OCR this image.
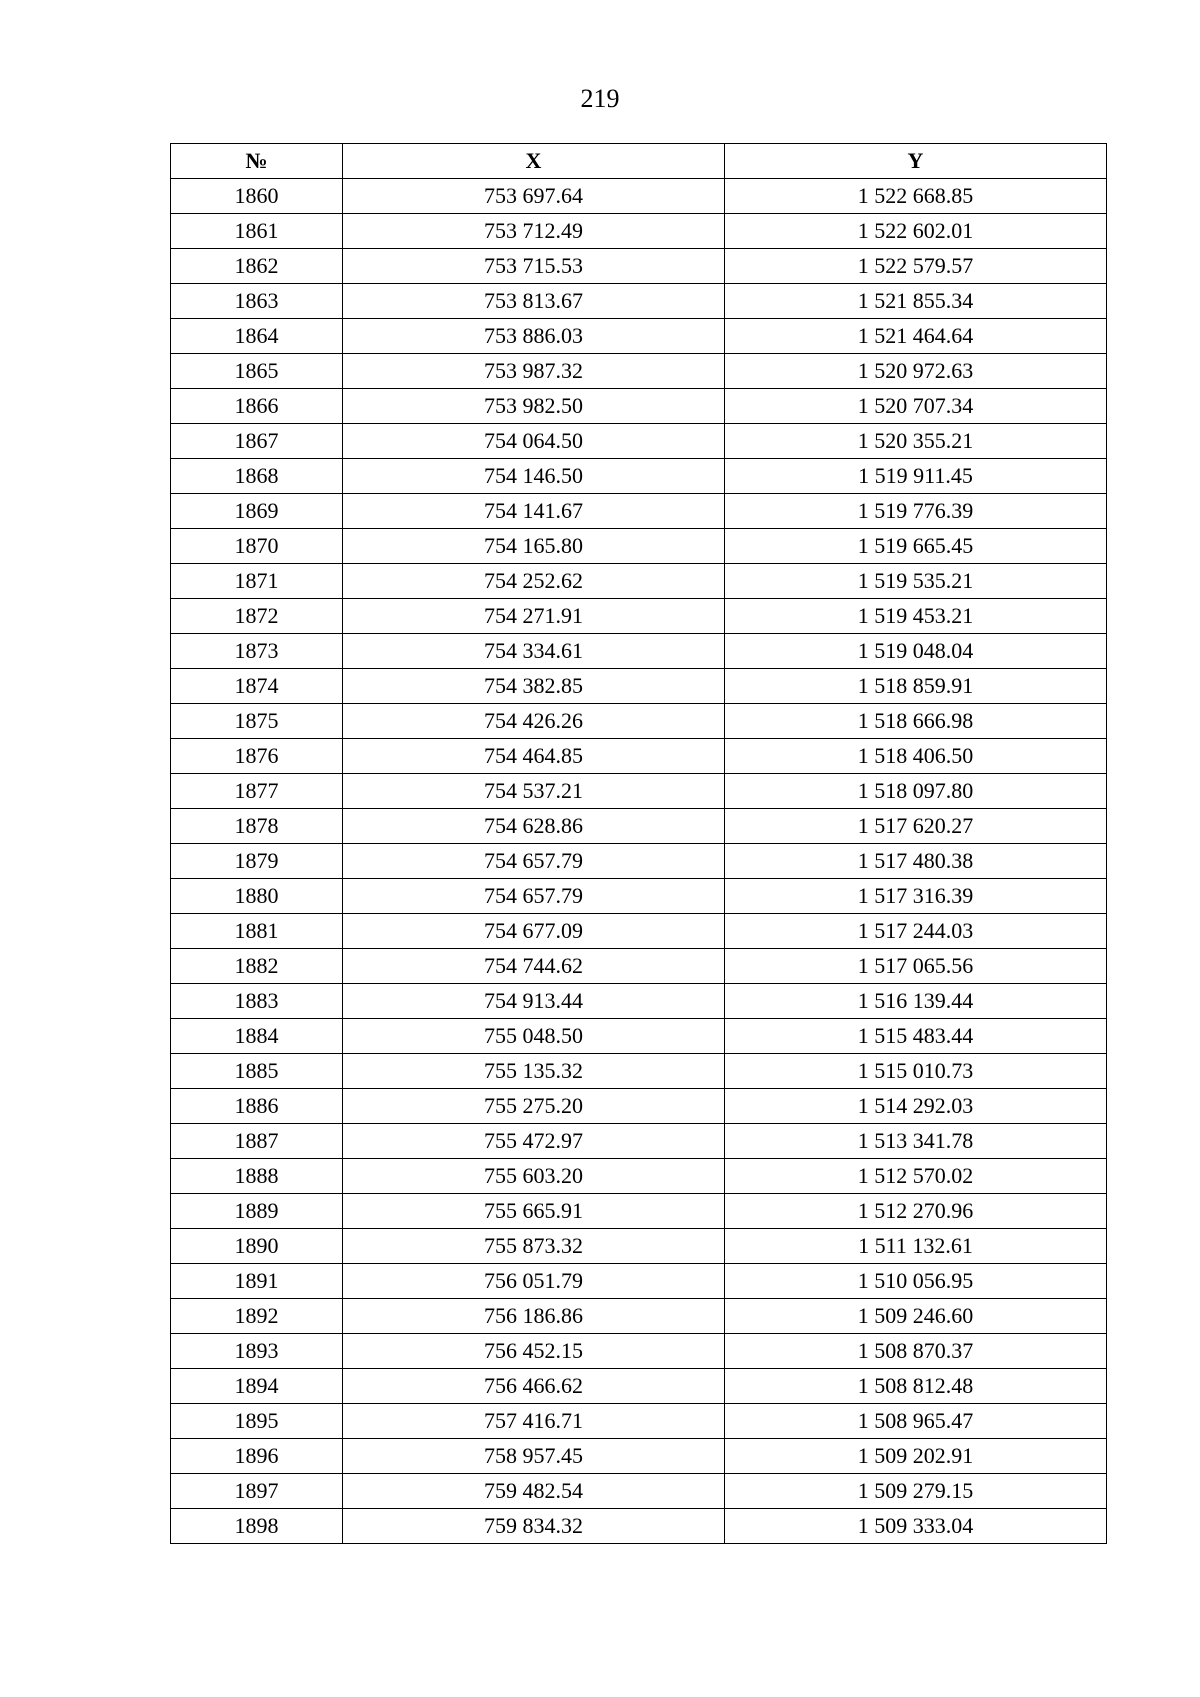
219
№	X	Y
1860	753 697.64	1 522 668.85
1861	753 712.49	1 522 602.01
1862	753 715.53	1 522 579.57
1863	753 813.67	1 521 855.34
1864	753 886.03	1 521 464.64
1865	753 987.32	1 520 972.63
1866	753 982.50	1 520 707.34
1867	754 064.50	1 520 355.21
1868	754 146.50	1 519 911.45
1869	754 141.67	1 519 776.39
1870	754 165.80	1 519 665.45
1871	754 252.62	1 519 535.21
1872	754 271.91	1 519 453.21
1873	754 334.61	1 519 048.04
1874	754 382.85	1 518 859.91
1875	754 426.26	1 518 666.98
1876	754 464.85	1 518 406.50
1877	754 537.21	1 518 097.80
1878	754 628.86	1 517 620.27
1879	754 657.79	1 517 480.38
1880	754 657.79	1 517 316.39
1881	754 677.09	1 517 244.03
1882	754 744.62	1 517 065.56
1883	754 913.44	1 516 139.44
1884	755 048.50	1 515 483.44
1885	755 135.32	1 515 010.73
1886	755 275.20	1 514 292.03
1887	755 472.97	1 513 341.78
1888	755 603.20	1 512 570.02
1889	755 665.91	1 512 270.96
1890	755 873.32	1 511 132.61
1891	756 051.79	1 510 056.95
1892	756 186.86	1 509 246.60
1893	756 452.15	1 508 870.37
1894	756 466.62	1 508 812.48
1895	757 416.71	1 508 965.47
1896	758 957.45	1 509 202.91
1897	759 482.54	1 509 279.15
1898	759 834.32	1 509 333.04
